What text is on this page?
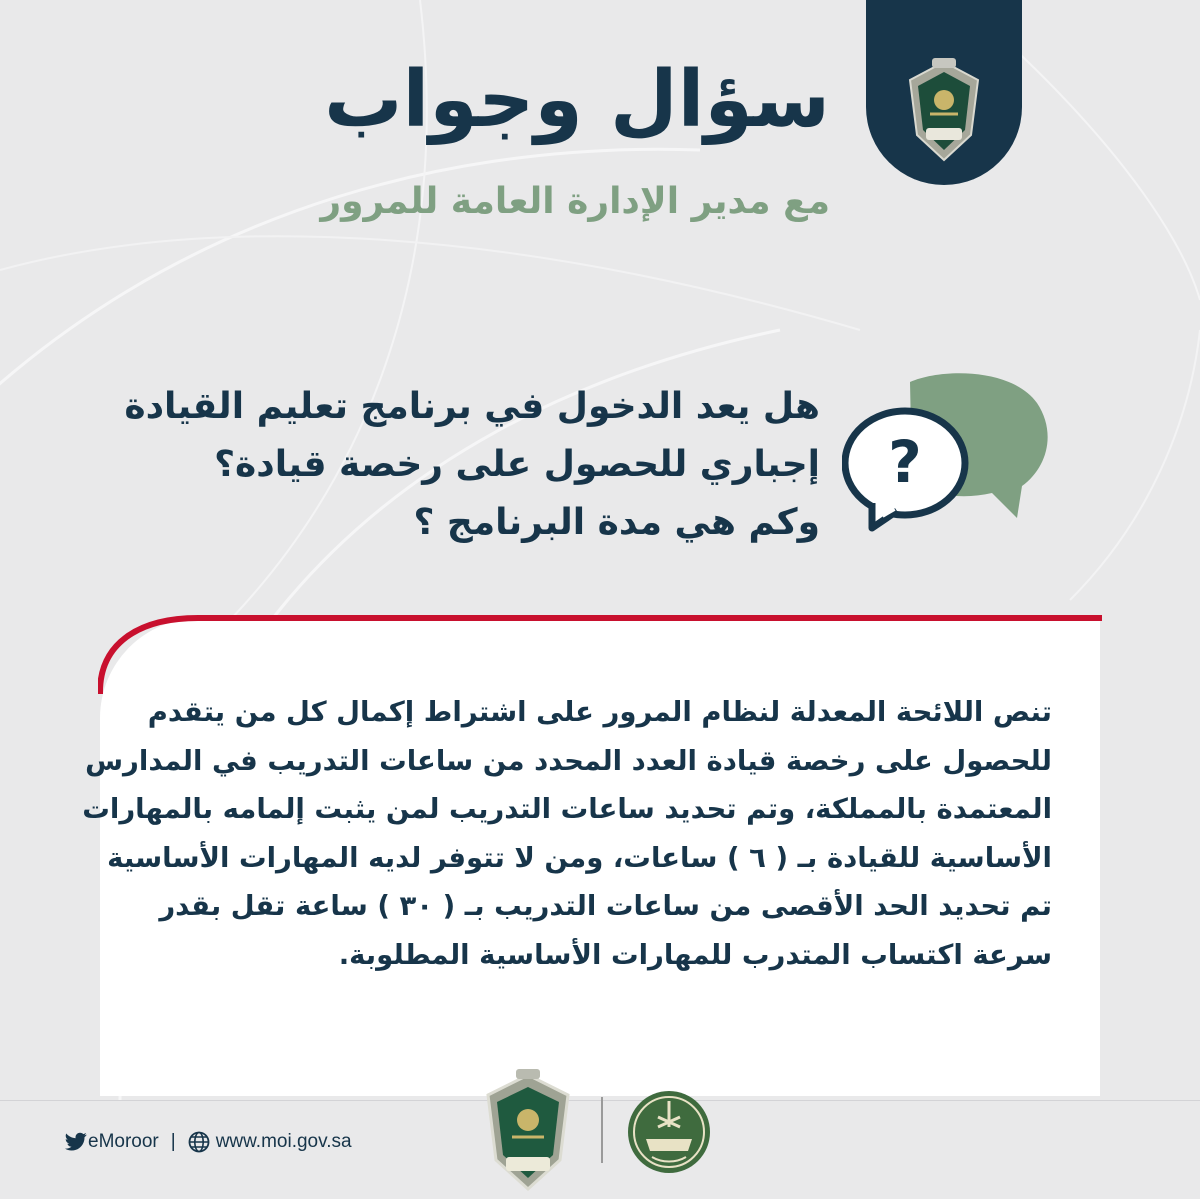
سؤال وجواب
مع مدير الإدارة العامة للمرور
?
هل يعد الدخول في برنامج تعليم القيادة
إجباري للحصول على رخصة قيادة؟
وكم هي مدة البرنامج ؟
تنص اللائحة المعدلة لنظام المرور على اشتراط إكمال كل من يتقدم
للحصول على رخصة قيادة العدد المحدد من ساعات التدريب في المدارس
المعتمدة بالمملكة، وتم تحديد ساعات التدريب لمن يثبت إلمامه بالمهارات
الأساسية للقيادة بـ ( ٦ ) ساعات، ومن لا تتوفر لديه المهارات الأساسية
تم تحديد الحد الأقصى من ساعات التدريب بـ ( ٣٠ ) ساعة تقل بقدر
سرعة اكتساب المتدرب للمهارات الأساسية المطلوبة.
eMoroor | www.moi.gov.sa
